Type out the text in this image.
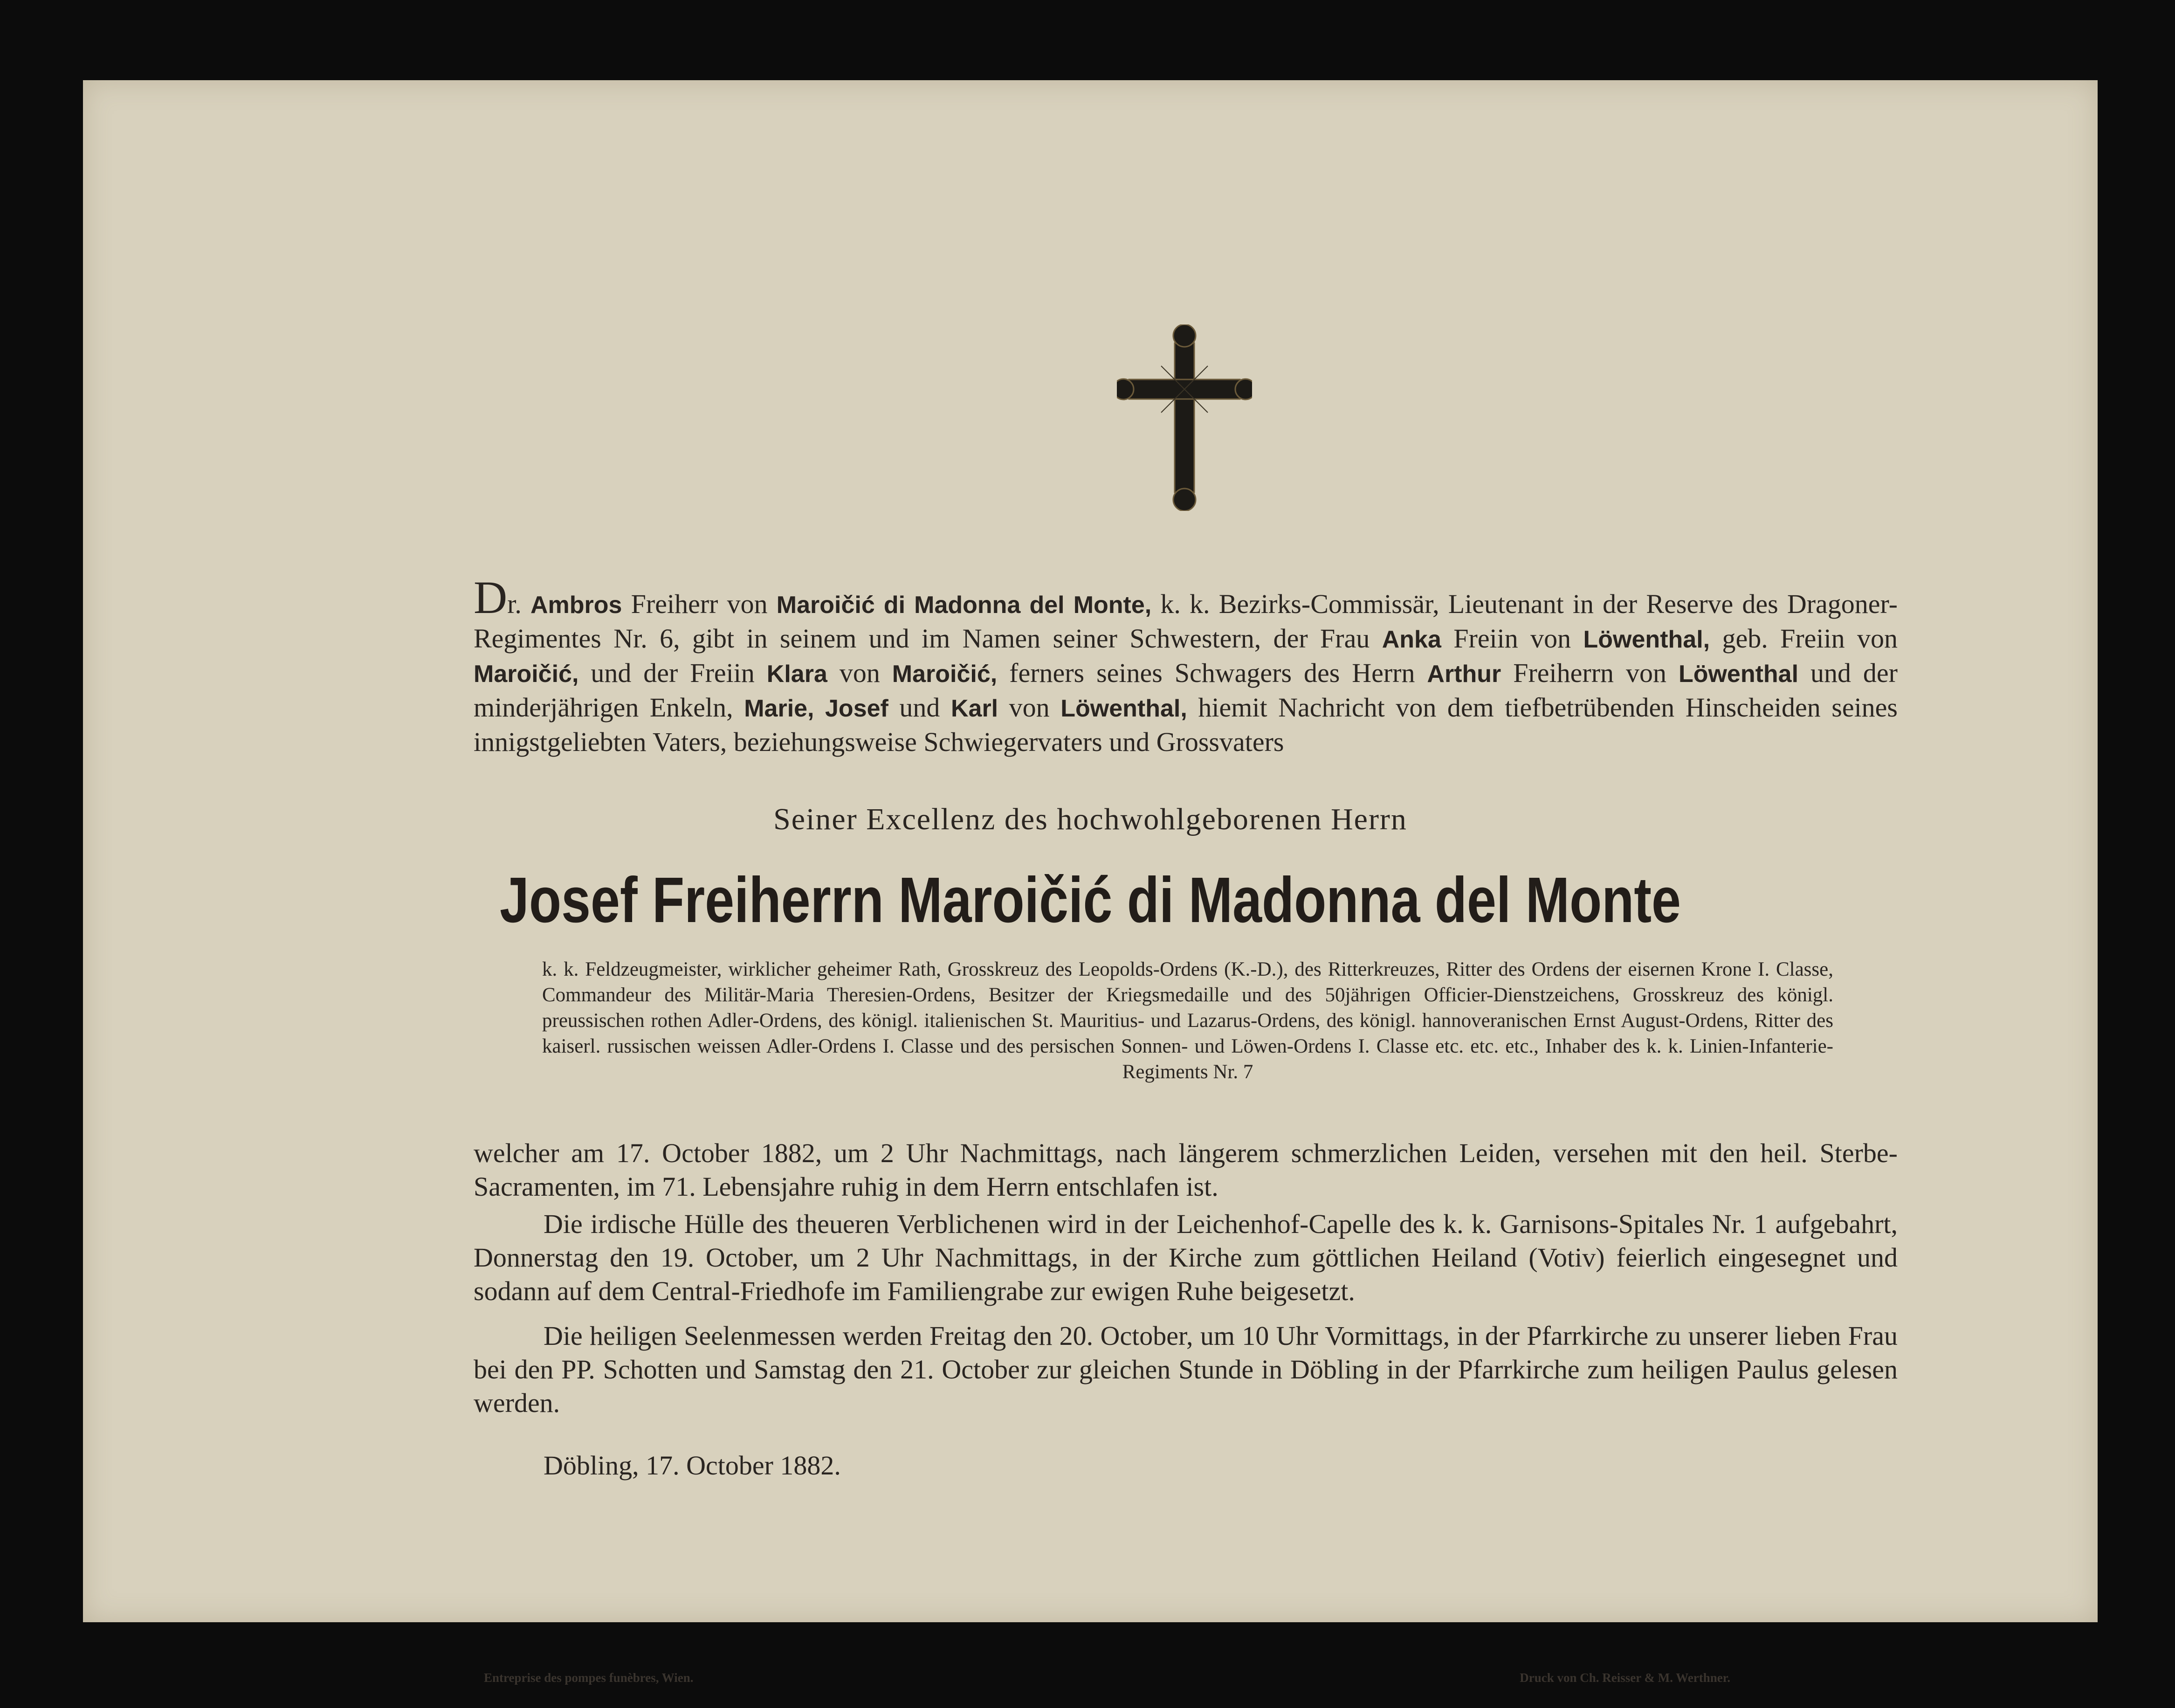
Dr. Ambros Freiherr von Maroičić di Madonna del Monte, k. k. Bezirks-Commissär, Lieutenant in der Reserve des Dragoner-Regimentes Nr. 6, gibt in seinem und im Namen seiner Schwestern, der Frau Anka Freiin von Löwenthal, geb. Freiin von Maroičić, und der Freiin Klara von Maroičić, ferners seines Schwagers des Herrn Arthur Freiherrn von Löwenthal und der minderjährigen Enkeln, Marie, Josef und Karl von Löwenthal, hiemit Nachricht von dem tiefbetrübenden Hinscheiden seines innigstgeliebten Vaters, beziehungsweise Schwiegervaters und Grossvaters
Seiner Excellenz des hochwohlgeborenen Herrn
Josef Freiherrn Maroičić di Madonna del Monte
k. k. Feldzeugmeister, wirklicher geheimer Rath, Grosskreuz des Leopolds-Ordens (K.-D.), des Ritterkreuzes, Ritter des Ordens der eisernen Krone I. Classe, Commandeur des Militär-Maria Theresien-Ordens, Besitzer der Kriegsmedaille und des 50jährigen Officier-Dienstzeichens, Grosskreuz des königl. preussischen rothen Adler-Ordens, des königl. italienischen St. Mauritius- und Lazarus-Ordens, des königl. hannoveranischen Ernst August-Ordens, Ritter des kaiserl. russischen weissen Adler-Ordens I. Classe und des persischen Sonnen- und Löwen-Ordens I. Classe etc. etc. etc., Inhaber des k. k. Linien-Infanterie-Regiments Nr. 7
welcher am 17. October 1882, um 2 Uhr Nachmittags, nach längerem schmerzlichen Leiden, versehen mit den heil. Sterbe-Sacramenten, im 71. Lebensjahre ruhig in dem Herrn entschlafen ist.
Die irdische Hülle des theueren Verblichenen wird in der Leichenhof-Capelle des k. k. Garnisons-Spitales Nr. 1 aufgebahrt, Donnerstag den 19. October, um 2 Uhr Nachmittags, in der Kirche zum göttlichen Heiland (Votiv) feierlich eingesegnet und sodann auf dem Central-Friedhofe im Familiengrabe zur ewigen Ruhe beigesetzt.
Die heiligen Seelenmessen werden Freitag den 20. October, um 10 Uhr Vormittags, in der Pfarrkirche zu unserer lieben Frau bei den PP. Schotten und Samstag den 21. October zur gleichen Stunde in Döbling in der Pfarrkirche zum heiligen Paulus gelesen werden.
Döbling, 17. October 1882.
Entreprise des pompes funèbres, Wien.	Druck von Ch. Reisser & M. Werthner.
